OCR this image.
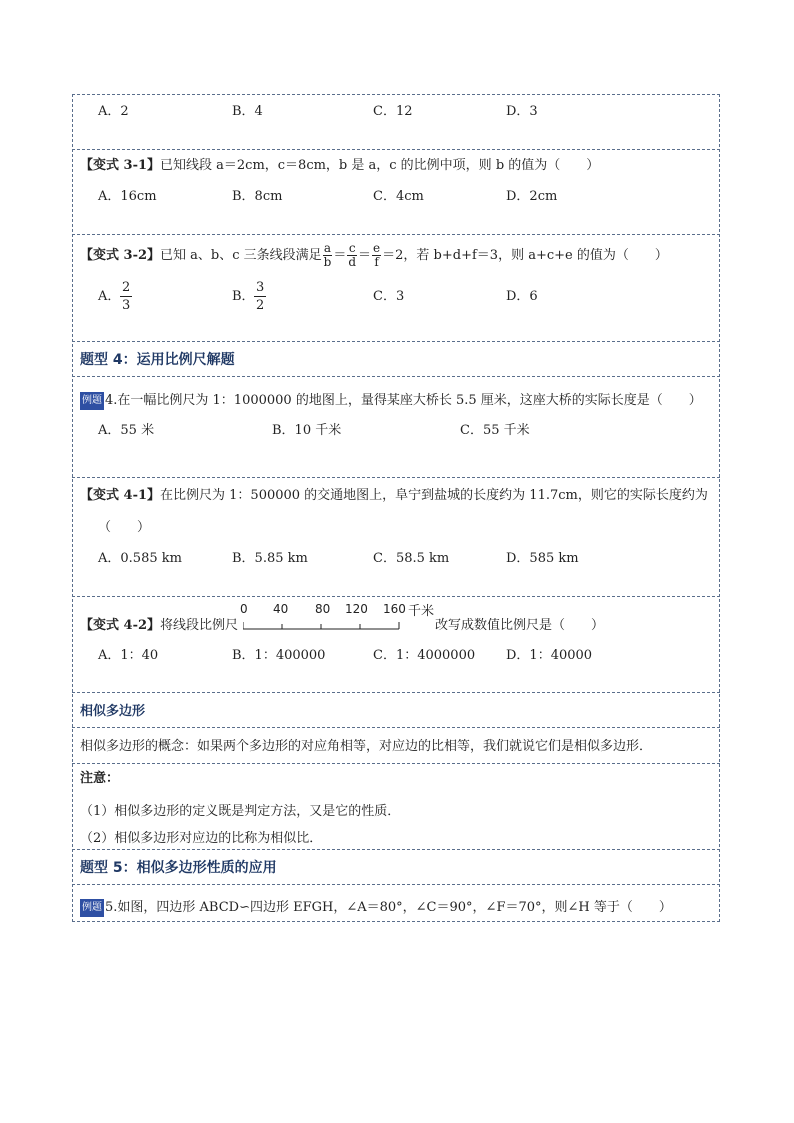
A．2	B．4	C．12	D．3
【变式 3-1】已知线段 a＝2cm，c＝8cm，b 是 a，c 的比例中项，则 b 的值为（　　）
A．16cm	B．8cm	C．4cm	D．2cm
【变式 3-2】已知 a、b、c 三条线段满足 $\frac{a}{b} = \frac{c}{d} = \frac{e}{f} =2$，若 b+d+f＝3，则 a+c+e 的值为（　　）
A．
2
3
B．
3
2
C．3	D．6
题型 4：运用比例尺解题
例题 4.在一幅比例尺为 1：1000000 的地图上，量得某座大桥长 5.5 厘米，这座大桥的实际长度是（　　）
A．55 米	B．10 千米	C．55 千米
【变式 4-1】在比例尺为 1：500000 的交通地图上，阜宁到盐城的长度约为 11.7cm，则它的实际长度约为
（　　）
A．0.585 km	B．5.85 km	C．58.5 km	D．585 km
【变式 4-2】将线段比例尺
0 40 80 120 160 千米
改写成数值比例尺是（　　）
A．1：40	B．1：400000	C．1：4000000 D．1：40000
相似多边形
相似多边形的概念：如果两个多边形的对应角相等，对应边的比相等，我们就说它们是相似多边形．
注意：
（1）相似多边形的定义既是判定方法，又是它的性质．
（2）相似多边形对应边的比称为相似比．
题型 5：相似多边形性质的应用
例题 5.如图，四边形 ABCD∽四边形 EFGH，∠A＝80°，∠C＝90°，∠F＝70°，则∠H 等于（　　）
